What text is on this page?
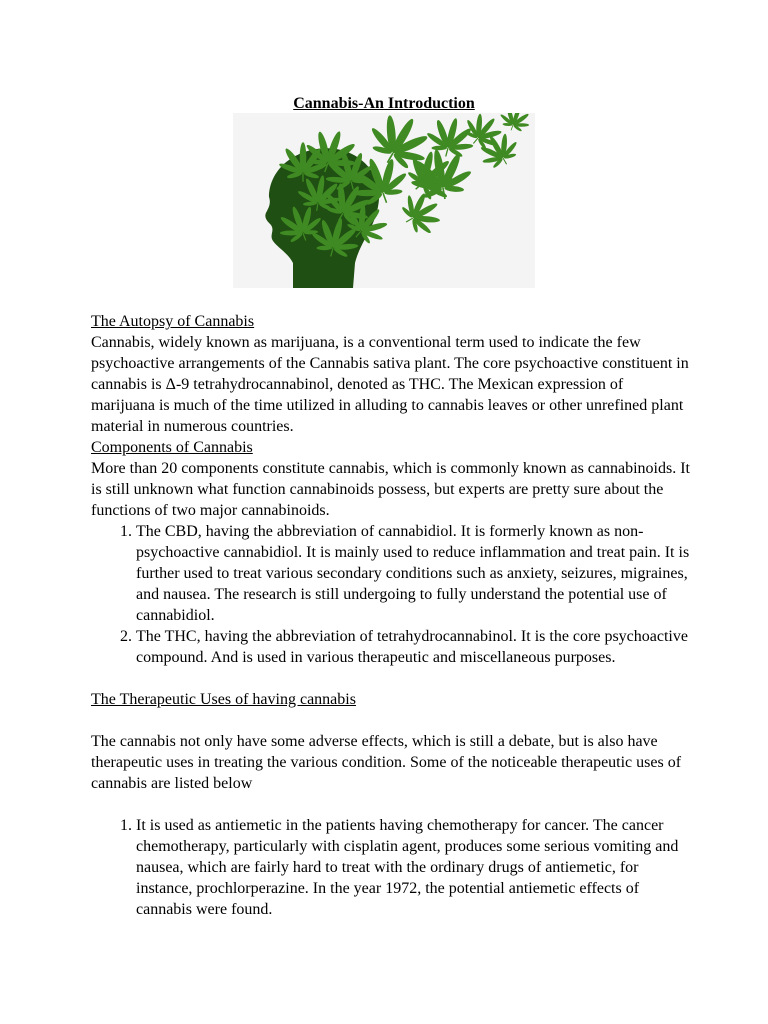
Cannabis-An Introduction

The Autopsy of Cannabis

Cannabis, widely known as marijuana, is a conventional term used to indicate the few psychoactive arrangements of the Cannabis sativa plant. The core psychoactive constituent in cannabis is Δ-9 tetrahydrocannabinol, denoted as THC. The Mexican expression of marijuana is much of the time utilized in alluding to cannabis leaves or other unrefined plant material in numerous countries.

Components of Cannabis

More than 20 components constitute cannabis, which is commonly known as cannabinoids. It is still unknown what function cannabinoids possess, but experts are pretty sure about the functions of two major cannabinoids.

1. The CBD, having the abbreviation of cannabidiol. It is formerly known as non-psychoactive cannabidiol. It is mainly used to reduce inflammation and treat pain. It is further used to treat various secondary conditions such as anxiety, seizures, migraines, and nausea. The research is still undergoing to fully understand the potential use of cannabidiol.
2. The THC, having the abbreviation of tetrahydrocannabinol. It is the core psychoactive compound. And is used in various therapeutic and miscellaneous purposes.

The Therapeutic Uses of having cannabis

The cannabis not only have some adverse effects, which is still a debate, but is also have therapeutic uses in treating the various condition. Some of the noticeable therapeutic uses of cannabis are listed below

1. It is used as antiemetic in the patients having chemotherapy for cancer. The cancer chemotherapy, particularly with cisplatin agent, produces some serious vomiting and nausea, which are fairly hard to treat with the ordinary drugs of antiemetic, for instance, prochlorperazine. In the year 1972, the potential antiemetic effects of cannabis were found.
